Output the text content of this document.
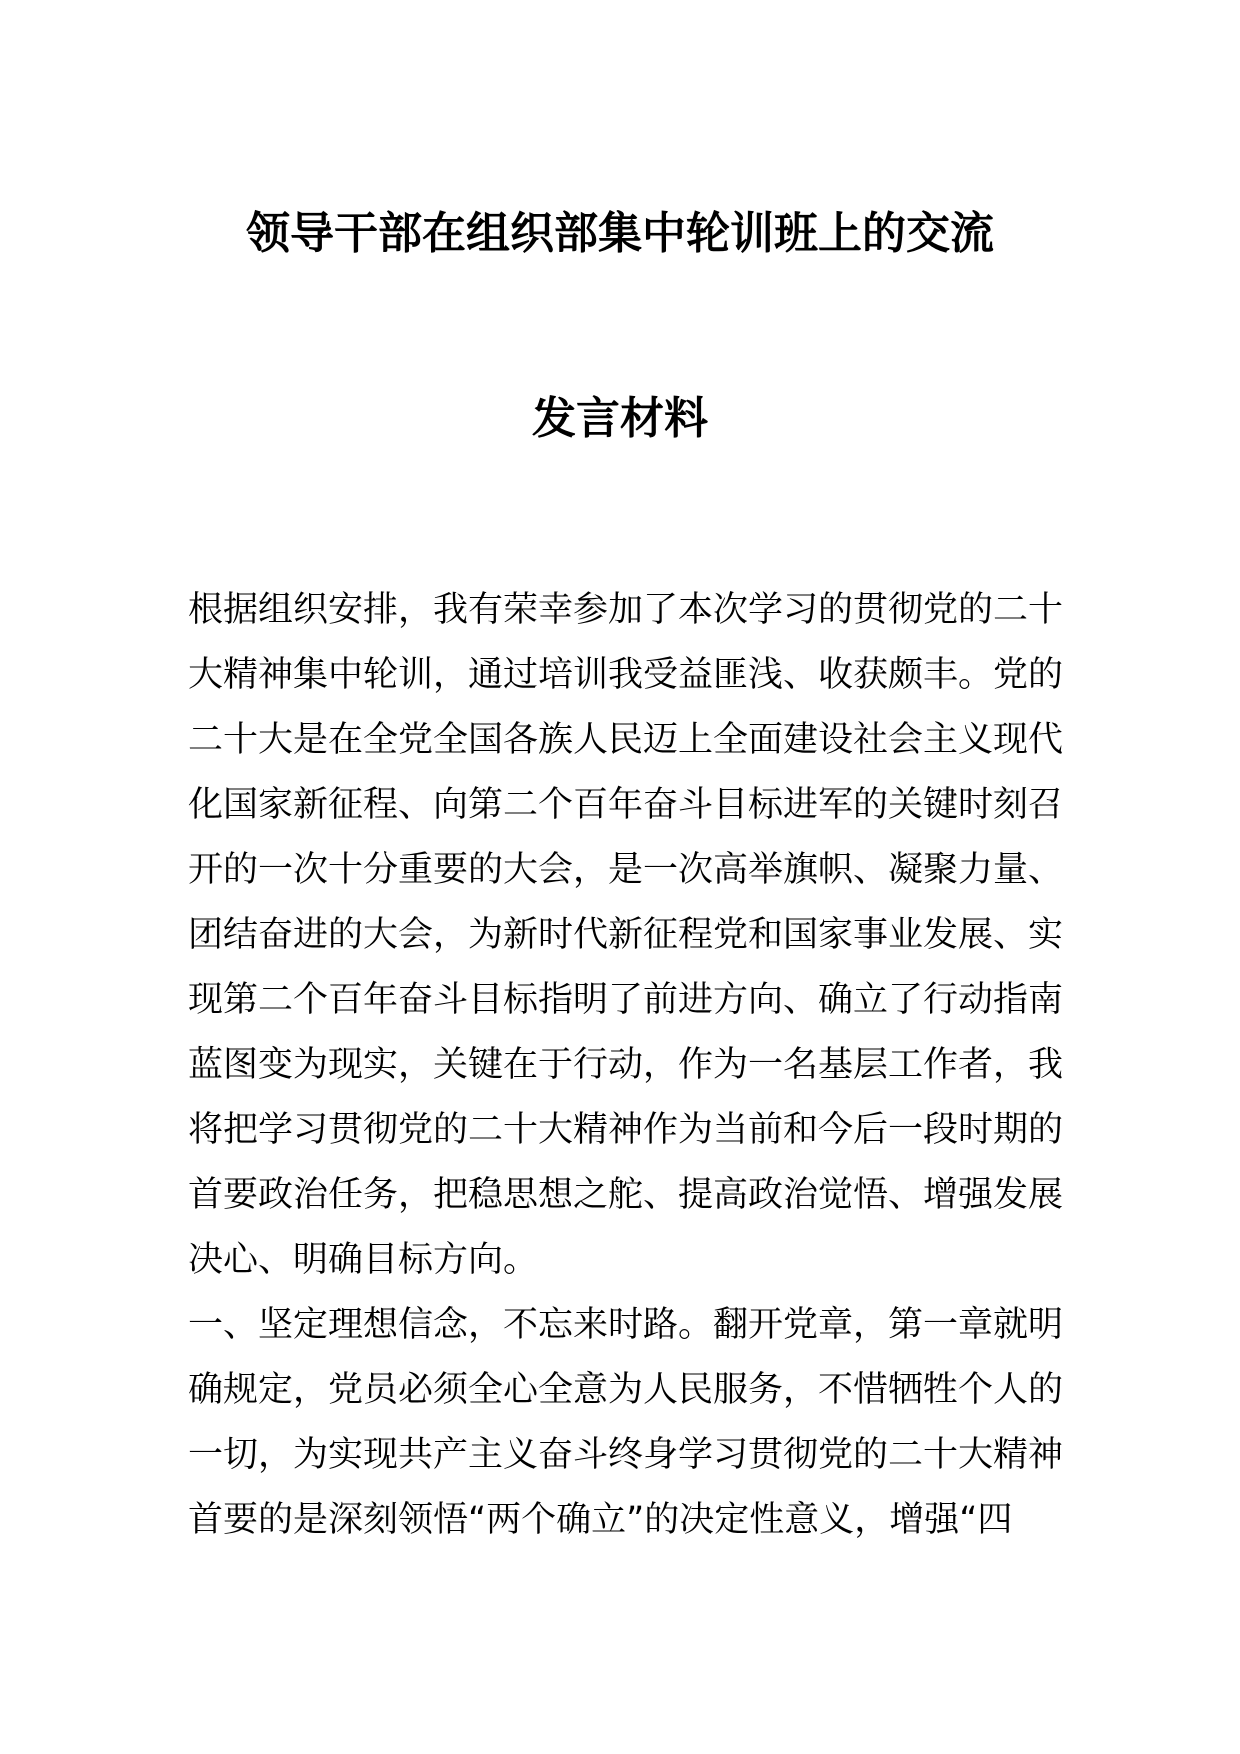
领导干部在组织部集中轮训班上的交流
发言材料
根据组织安排，我有荣幸参加了本次学习的贯彻党的二十
大精神集中轮训，通过培训我受益匪浅、收获颇丰。党的
二十大是在全党全国各族人民迈上全面建设社会主义现代
化国家新征程、向第二个百年奋斗目标进军的关键时刻召
开的一次十分重要的大会，是一次高举旗帜、凝聚力量、
团结奋进的大会，为新时代新征程党和国家事业发展、实
现第二个百年奋斗目标指明了前进方向、确立了行动指南
蓝图变为现实，关键在于行动，作为一名基层工作者，我
将把学习贯彻党的二十大精神作为当前和今后一段时期的
首要政治任务，把稳思想之舵、提高政治觉悟、增强发展
决心、明确目标方向。
一、坚定理想信念，不忘来时路。翻开党章，第一章就明
确规定，党员必须全心全意为人民服务，不惜牺牲个人的
一切，为实现共产主义奋斗终身学习贯彻党的二十大精神
首要的是深刻领悟“两个确立”的决定性意义，增强“四
